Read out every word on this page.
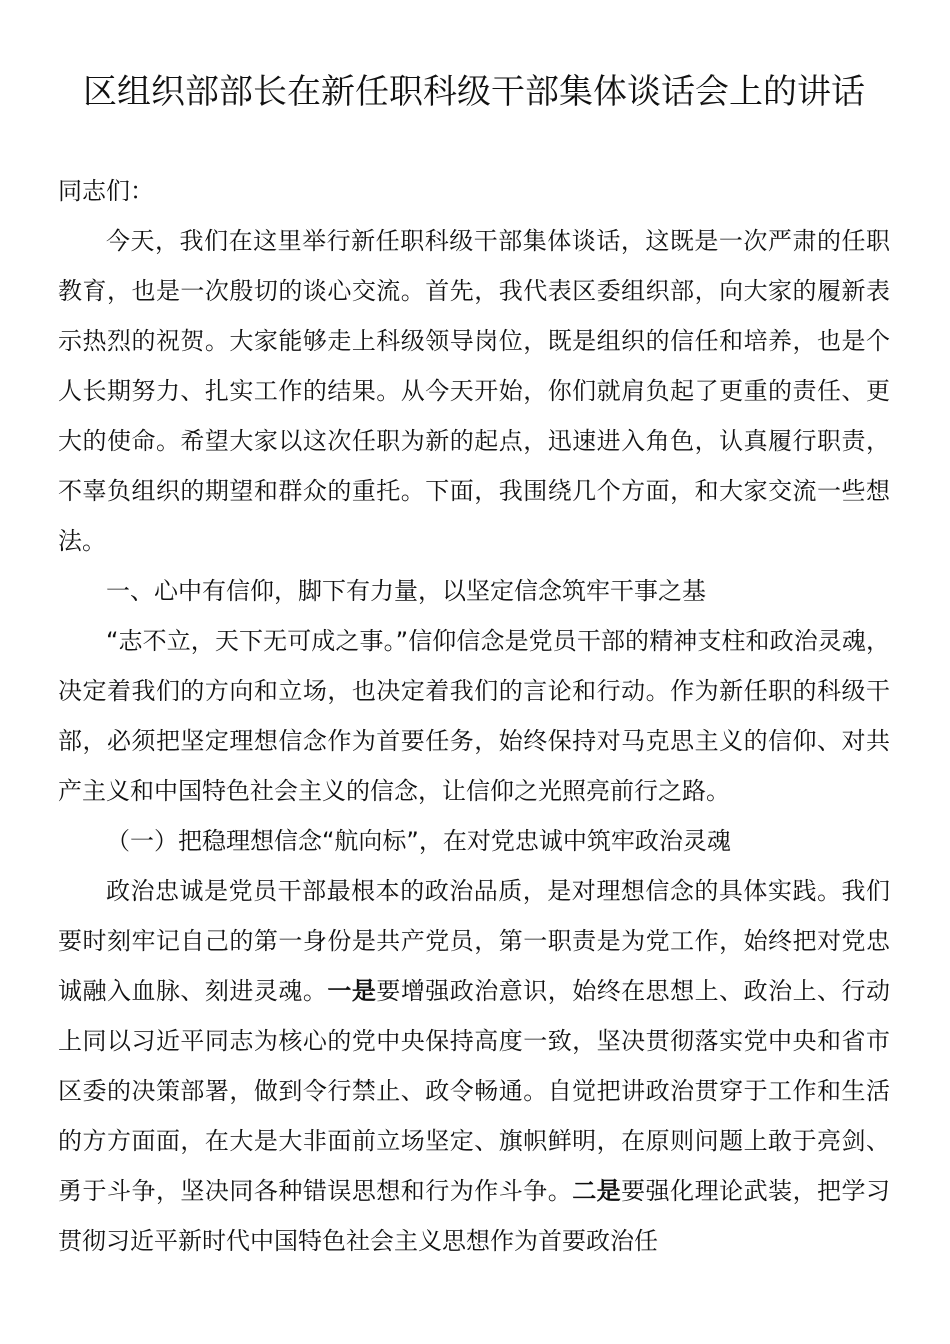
区组织部部长在新任职科级干部集体谈话会上的讲话

同志们：

今天，我们在这里举行新任职科级干部集体谈话，这既是一次严肃的任职教育，也是一次殷切的谈心交流。首先，我代表区委组织部，向大家的履新表示热烈的祝贺。大家能够走上科级领导岗位，既是组织的信任和培养，也是个人长期努力、扎实工作的结果。从今天开始，你们就肩负起了更重的责任、更大的使命。希望大家以这次任职为新的起点，迅速进入角色，认真履行职责，不辜负组织的期望和群众的重托。下面，我围绕几个方面，和大家交流一些想法。

一、心中有信仰，脚下有力量，以坚定信念筑牢干事之基

“志不立，天下无可成之事。”信仰信念是党员干部的精神支柱和政治灵魂，决定着我们的方向和立场，也决定着我们的言论和行动。作为新任职的科级干部，必须把坚定理想信念作为首要任务，始终保持对马克思主义的信仰、对共产主义和中国特色社会主义的信念，让信仰之光照亮前行之路。

（一）把稳理想信念“航向标”，在对党忠诚中筑牢政治灵魂

政治忠诚是党员干部最根本的政治品质，是对理想信念的具体实践。我们要时刻牢记自己的第一身份是共产党员，第一职责是为党工作，始终把对党忠诚融入血脉、刻进灵魂。一是要增强政治意识，始终在思想上、政治上、行动上同以习近平同志为核心的党中央保持高度一致，坚决贯彻落实党中央和省市区委的决策部署，做到令行禁止、政令畅通。自觉把讲政治贯穿于工作和生活的方方面面，在大是大非面前立场坚定、旗帜鲜明，在原则问题上敢于亮剑、勇于斗争，坚决同各种错误思想和行为作斗争。二是要强化理论武装，把学习贯彻习近平新时代中国特色社会主义思想作为首要政治任
